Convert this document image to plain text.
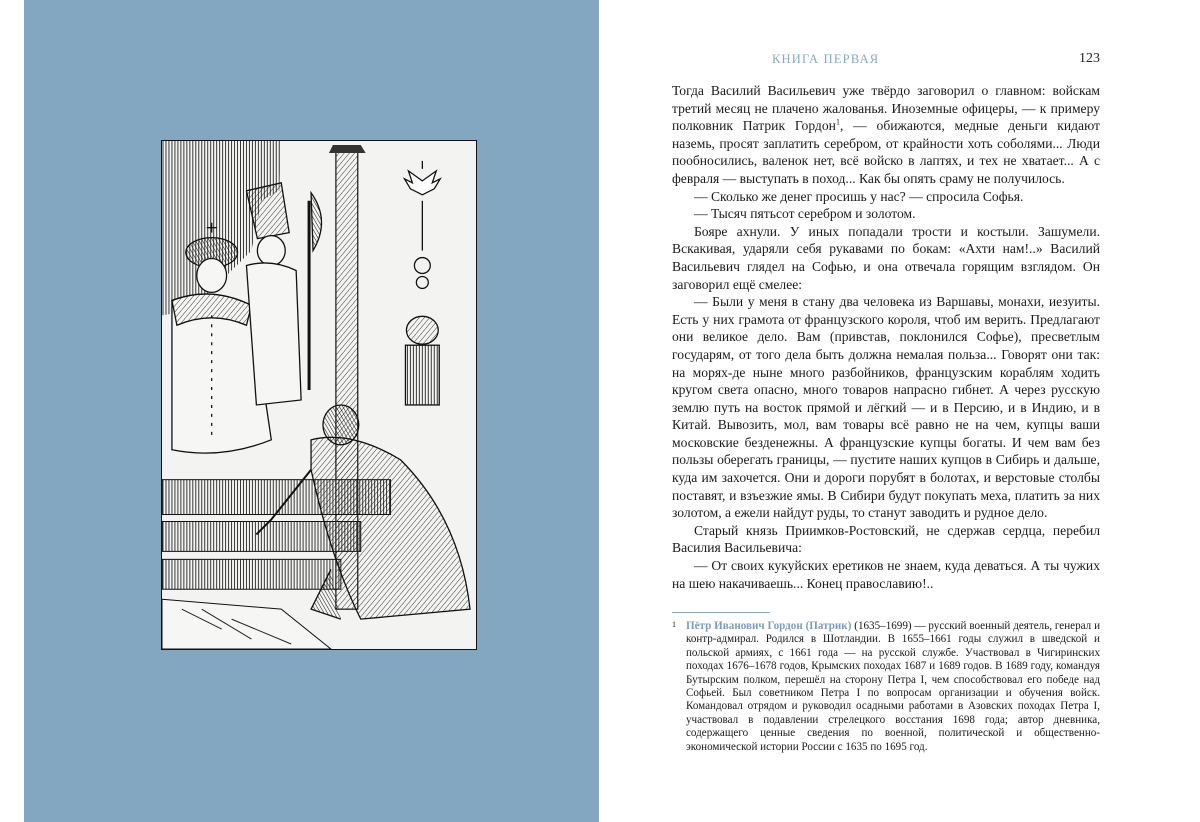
КНИГА ПЕРВАЯ	123

Тогда Василий Васильевич уже твёрдо заговорил о главном: войскам третий месяц не плачено жалованья. Иноземные офицеры, — к примеру полковник Патрик Гордон$^1$, — обижаются, медные деньги кидают наземь, просят заплатить серебром, от крайности хоть соболями... Люди пообносились, валенок нет, всё войско в лаптях, и тех не хватает... А с февраля — выступать в поход... Как бы опять сраму не получилось.

— Сколько же денег просишь у нас? — спросила Софья.

— Тысяч пятьсот серебром и золотом.

Бояре ахнули. У иных попадали трости и костыли. Зашумели. Вскакивая, ударяли себя рукавами по бокам: «Ахти нам!..» Василий Васильевич глядел на Софью, и она отвечала горящим взглядом. Он заговорил ещё смелее:

— Были у меня в стану два человека из Варшавы, монахи, иезуиты. Есть у них грамота от французского короля, чтоб им верить. Предлагают они великое дело. Вам (привстав, поклонился Софье), пресветлым государям, от того дела быть должна немалая польза... Говорят они так: на морях-де ныне много разбойников, французским кораблям ходить кругом света опасно, много товаров напрасно гибнет. А через русскую землю путь на восток прямой и лёгкий — и в Персию, и в Индию, и в Китай. Вывозить, мол, вам товары всё равно не на чем, купцы ваши московские безденежны. А французские купцы богаты. И чем вам без пользы оберегать границы, — пустите наших купцов в Сибирь и дальше, куда им захочется. Они и дороги порубят в болотах, и верстовые столбы поставят, и взъезжие ямы. В Сибири будут покупать меха, платить за них золотом, а ежели найдут руды, то станут заводить и рудное дело.

Старый князь Приимков-Ростовский, не сдержав сердца, перебил Василия Васильевича:

— От своих кукуйских еретиков не знаем, куда деваться. А ты чужих на шею накачиваешь... Конец православию!..

1 Пётр Иванович Гордон (Патрик) (1635–1699) — русский военный деятель, генерал и контр-адмирал. Родился в Шотландии. В 1655–1661 годы служил в шведской и польской армиях, с 1661 года — на русской службе. Участвовал в Чигиринских походах 1676–1678 годов, Крымских походах 1687 и 1689 годов. В 1689 году, командуя Бутырским полком, перешёл на сторону Петра I, чем способствовал его победе над Софьей. Был советником Петра I по вопросам организации и обучения войск. Командовал отрядом и руководил осадными работами в Азовских походах Петра I, участвовал в подавлении стрелецкого восстания 1698 года; автор дневника, содержащего ценные сведения по военной, политической и общественно-экономической истории России с 1635 по 1695 год.
